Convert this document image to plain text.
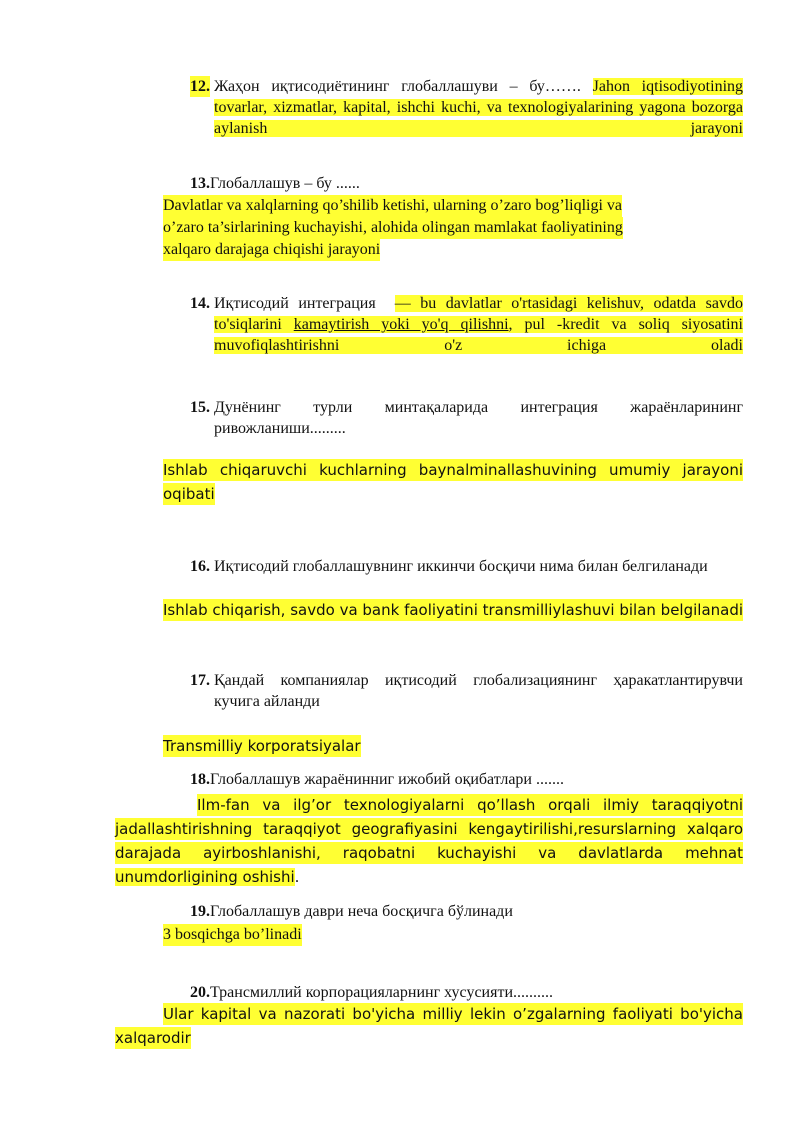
12. Жаҳон иқтисодиётининг глобаллашуви – бу……. Jahon iqtisodiyotining tovarlar, xizmatlar, kapital, ishchi kuchi, va texnologiyalarining yagona bozorga aylanish jarayoni
13.Глобаллашув – бу ......
Davlatlar va xalqlarning qo’shilib ketishi, ularning o’zaro bog’liqligi va
o’zaro ta’sirlarining kuchayishi, alohida olingan mamlakat faoliyatining
xalqaro darajaga chiqishi jarayoni
14. Иқтисодий интеграция — bu davlatlar o'rtasidagi kelishuv, odatda savdo to'siqlarini kamaytirish yoki yo'q qilishni, pul -kredit va soliq siyosatini muvofiqlashtirishni o'z ichiga oladi
15. Дунёнинг турли минтақаларида интеграция жараёнларининг ривожланиши.........
Ishlab chiqaruvchi kuchlarning baynalminallashuvining umumiy jarayoni
oqibati
16. Иқтисодий глобаллашувнинг иккинчи босқичи нима билан белгиланади
Ishlab chiqarish, savdo va bank faoliyatini transmilliylashuvi bilan belgilanadi
17. Қандай компаниялар иқтисодий глобализациянинг ҳаракатлантирувчи кучига айланди
Transmilliy korporatsiyalar
18.Глобаллашув жараёнинниг ижобий оқибатлари .......
Ilm-fan va ilg’or texnologiyalarni qo’llash orqali ilmiy taraqqiyotni
jadallashtirishning taraqqiyot geografiyasini kengaytirilishi,resurslarning xalqaro
darajada ayirboshlanishi, raqobatni kuchayishi va davlatlarda mehnat
unumdorligining oshishi.
19.Глобаллашув даври неча босқичга бўлинади
3 bosqichga bo’linadi
20.Трансмиллий корпорацияларнинг хусусияти..........
Ular kapital va nazorati bo'yicha milliy lekin o’zgalarning faoliyati bo'yicha
xalqarodir
